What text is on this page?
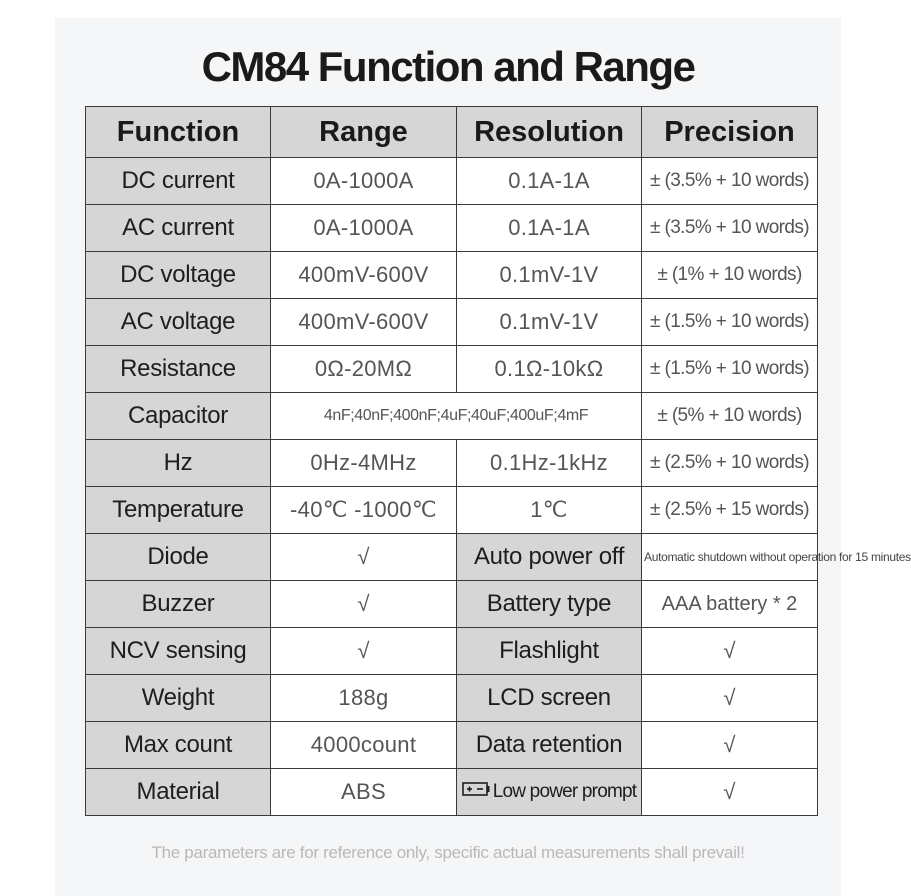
CM84 Function and Range
Function	Range	Resolution	Precision
DC current	0A-1000A	0.1A-1A	± (3.5% + 10 words)
AC current	0A-1000A	0.1A-1A	± (3.5% + 10 words)
DC voltage	400mV-600V	0.1mV-1V	± (1% + 10 words)
AC voltage	400mV-600V	0.1mV-1V	± (1.5% + 10 words)
Resistance	0Ω-20MΩ	0.1Ω-10kΩ	± (1.5% + 10 words)
Capacitor	4nF;40nF;400nF;4uF;40uF;400uF;4mF		± (5% + 10 words)
Hz	0Hz-4MHz	0.1Hz-1kHz	± (2.5% + 10 words)
Temperature	-40℃ -1000℃	1℃	± (2.5% + 15 words)
Diode	√	Auto power off	Automatic shutdown without operation for 15 minutes
Buzzer	√	Battery type	AAA battery * 2
NCV sensing	√	Flashlight	√
Weight	188g	LCD screen	√
Max count	4000count	Data retention	√
Material	ABS	Low power prompt	√
The parameters are for reference only, specific actual measurements shall prevail!
